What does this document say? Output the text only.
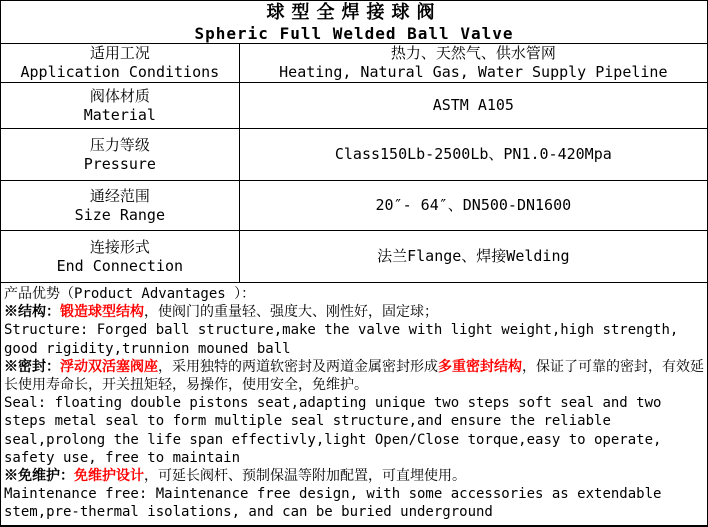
球型全焊接球阀
Spheric Full Welded Ball Valve
适用工况
Application Conditions
热力、天然气、供水管网
Heating, Natural Gas, Water Supply Pipeline
阀体材质
Material
ASTM A105
压力等级
Pressure
Class150Lb-2500Lb、PN1.0-420Mpa
通经范围
Size Range
20″- 64″、DN500-DN1600
连接形式
End Connection
法兰Flange、焊接Welding
产品优势（Product Advantages ）：
※结构：锻造球型结构，使阀门的重量轻、强度大、刚性好，固定球；
Structure: Forged ball structure,make the valve with light weight,high strength, good rigidity,trunnion mouned ball
※密封：浮动双活塞阀座，采用独特的两道软密封及两道金属密封形成多重密封结构，保证了可靠的密封，有效延长使用寿命长，开关扭矩轻，易操作，使用安全，免维护。
Seal: floating double pistons seat,adapting unique two steps soft seal and two steps metal seal to form multiple seal structure,and ensure the reliable seal,prolong the life span effectivly,light Open/Close torque,easy to operate, safety use, free to maintain
※免维护：免维护设计，可延长阀杆、预制保温等附加配置，可直埋使用。
Maintenance free: Maintenance free design, with some accessories as extendable stem,pre-thermal isolations, and can be buried underground
